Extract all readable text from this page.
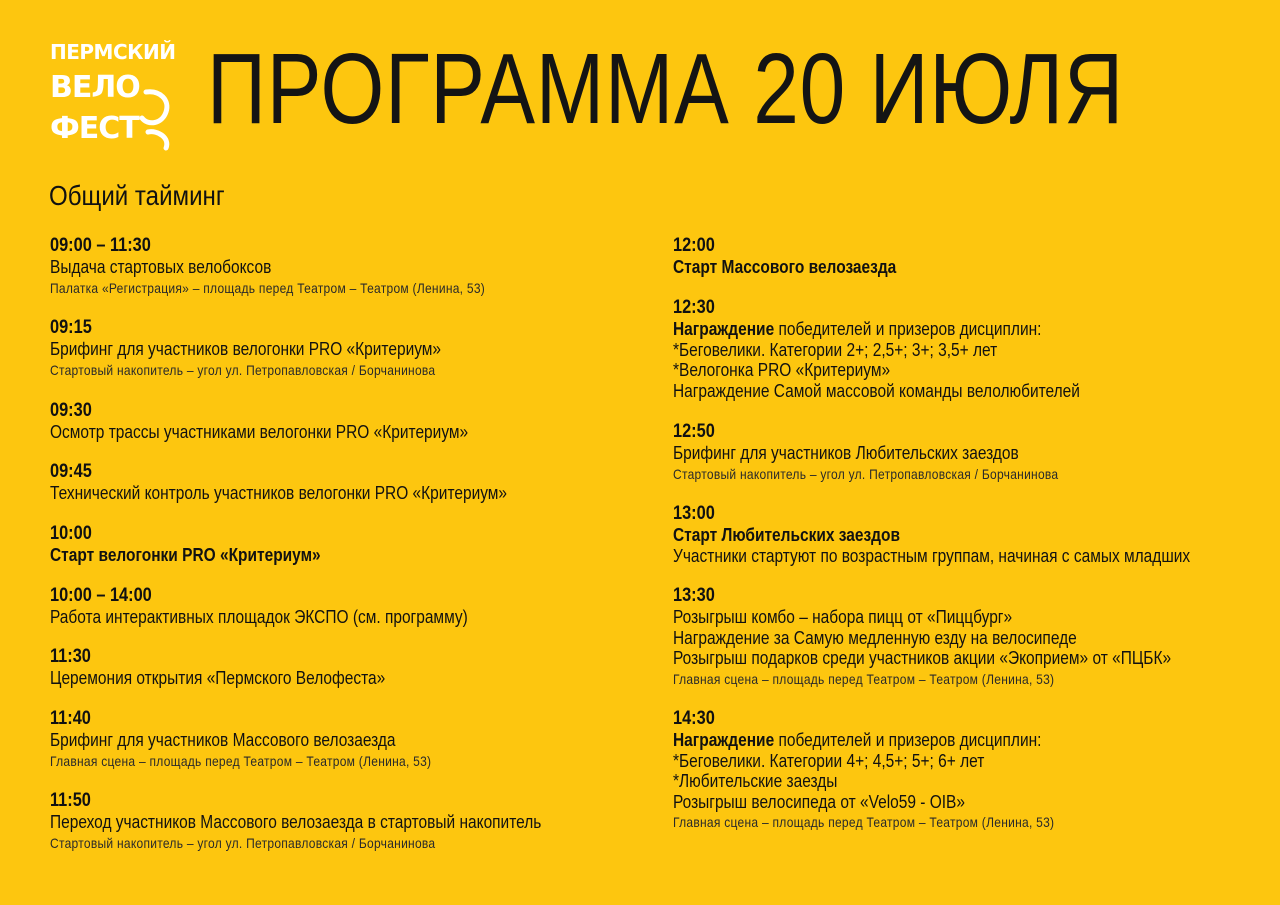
ПЕРМСКИЙ
ВЕЛО
ФЕСТ ПРОГРАММА 20 ИЮЛЯ
Общий тайминг
09:00 – 11:30
Выдача стартовых велобоксов
Палатка «Регистрация» – площадь перед Театром – Театром (Ленина, 53)
09:15
Брифинг для участников велогонки PRO «Критериум»
Стартовый накопитель – угол ул. Петропавловская / Борчанинова
09:30
Осмотр трассы участниками велогонки PRO «Критериум»
09:45
Технический контроль участников велогонки PRO «Критериум»
10:00
Старт велогонки PRO «Критериум»
10:00 – 14:00
Работа интерактивных площадок ЭКСПО (см. программу)
11:30
Церемония открытия «Пермского Велофеста»
11:40
Брифинг для участников Массового велозаезда
Главная сцена – площадь перед Театром – Театром (Ленина, 53)
11:50
Переход участников Массового велозаезда в стартовый накопитель
Стартовый накопитель – угол ул. Петропавловская / Борчанинова
12:00
Старт Массового велозаезда
12:30
Награждение победителей и призеров дисциплин:
*Беговелики. Категории 2+; 2,5+; 3+; 3,5+ лет
*Велогонка PRO «Критериум»
Награждение Самой массовой команды велолюбителей
12:50
Брифинг для участников Любительских заездов
Стартовый накопитель – угол ул. Петропавловская / Борчанинова
13:00
Старт Любительских заездов
Участники стартуют по возрастным группам, начиная с самых младших
13:30
Розыгрыш комбо – набора пицц от «Пиццбург»
Награждение за Самую медленную езду на велосипеде
Розыгрыш подарков среди участников акции «Экоприем» от «ПЦБК»
Главная сцена – площадь перед Театром – Театром (Ленина, 53)
14:30
Награждение победителей и призеров дисциплин:
*Беговелики. Категории 4+; 4,5+; 5+; 6+ лет
*Любительские заезды
Розыгрыш велосипеда от «Velo59 - OIB»
Главная сцена – площадь перед Театром – Театром (Ленина, 53)
